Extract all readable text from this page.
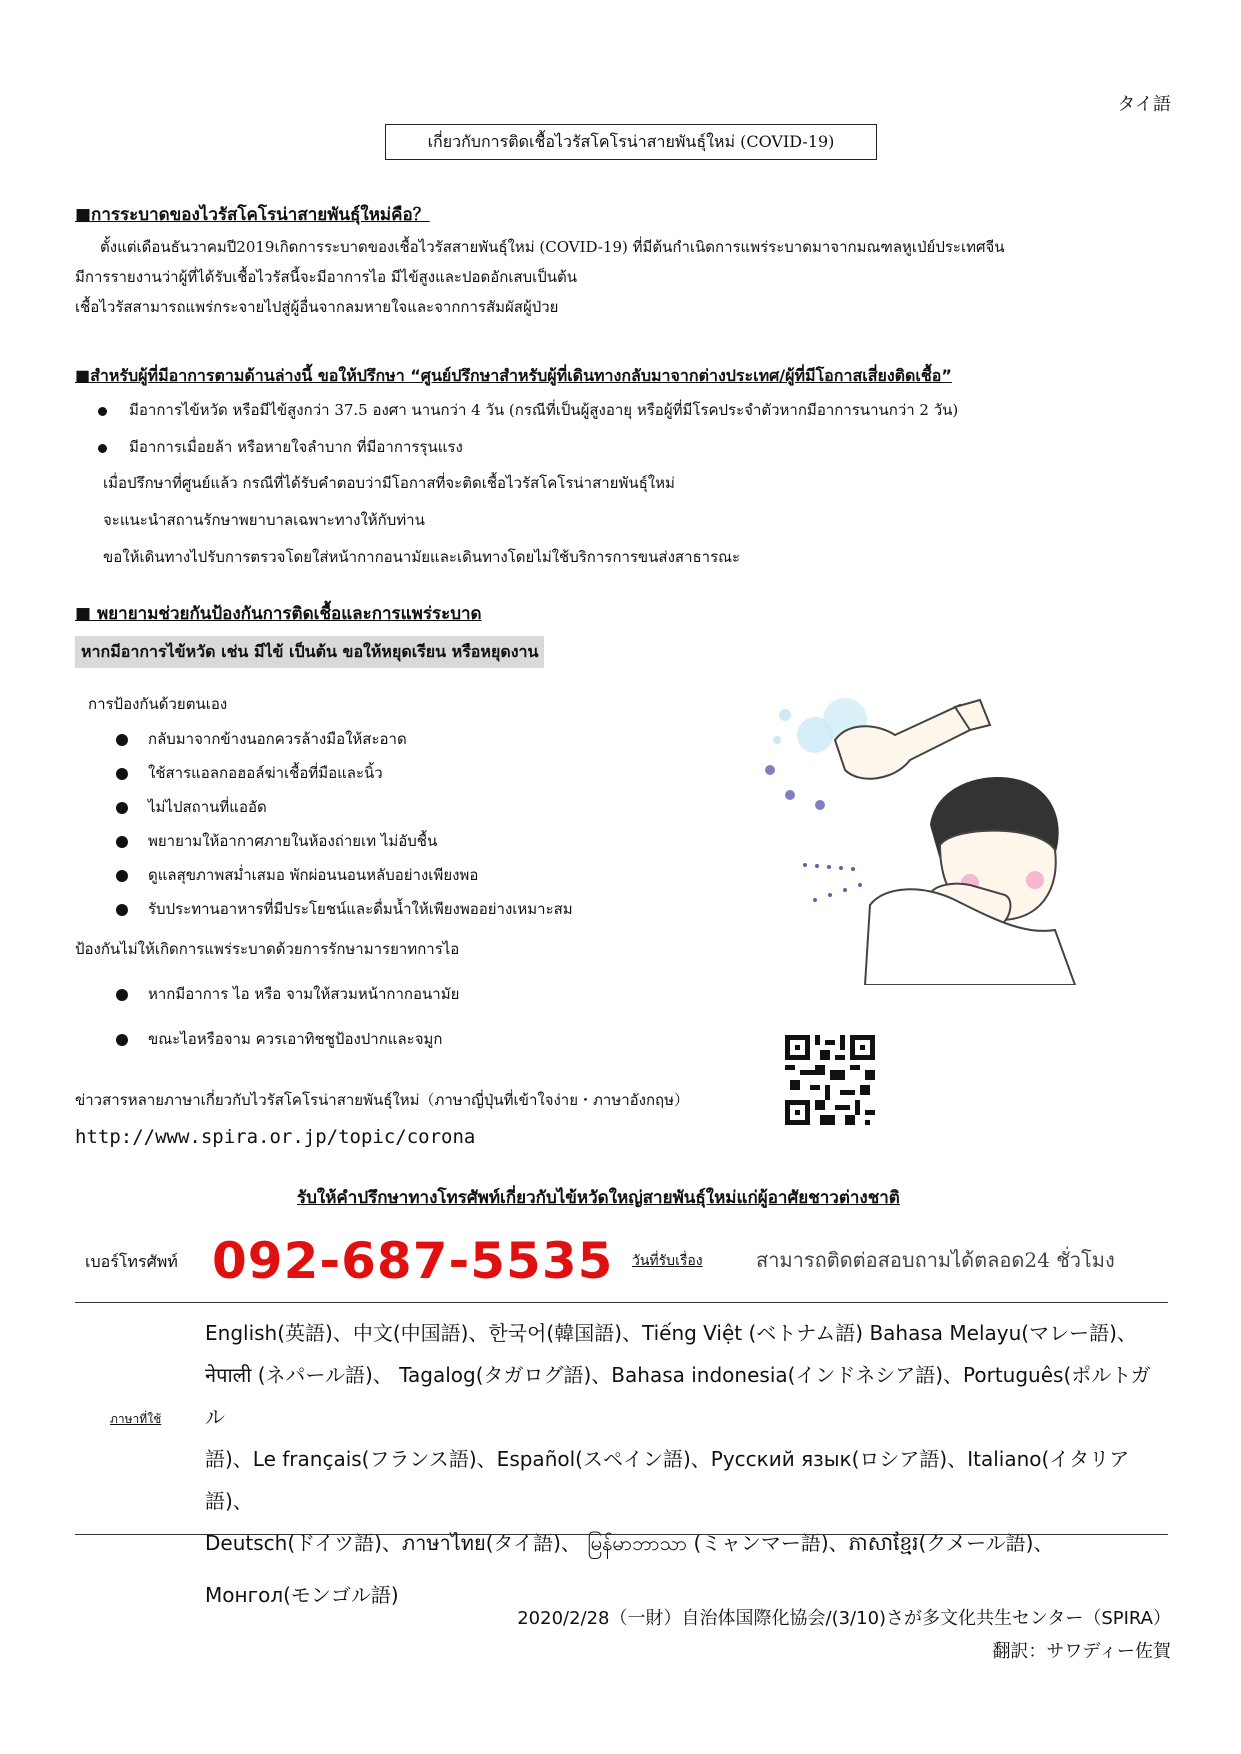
タイ語
เกี่ยวกับการติดเชื้อไวรัสโคโรน่าสายพันธุ์ใหม่ (COVID-19)
■การระบาดของไวรัสโคโรน่าสายพันธุ์ใหม่คือ？
ตั้งแต่เดือนธันวาคมปี2019เกิดการระบาดของเชื้อไวรัสสายพันธุ์ใหม่ (COVID-19) ที่มีต้นกำเนิดการแพร่ระบาดมาจากมณฑลหูเป่ย์ประเทศจีน
มีการรายงานว่าผู้ที่ได้รับเชื้อไวรัสนี้จะมีอาการไอ มีไข้สูงและปอดอักเสบเป็นต้น
เชื้อไวรัสสามารถแพร่กระจายไปสู่ผู้อื่นจากลมหายใจและจากการสัมผัสผู้ป่วย
■สำหรับผู้ที่มีอาการตามด้านล่างนี้ ขอให้ปรึกษา “ศูนย์ปรึกษาสำหรับผู้ที่เดินทางกลับมาจากต่างประเทศ/ผู้ที่มีโอกาสเสี่ยงติดเชื้อ”
มีอาการไข้หวัด หรือมีไข้สูงกว่า 37.5 องศา นานกว่า 4 วัน (กรณีที่เป็นผู้สูงอายุ หรือผู้ที่มีโรคประจำตัวหากมีอาการนานกว่า 2 วัน)
มีอาการเมื่อยล้า หรือหายใจลำบาก ที่มีอาการรุนแรง
เมื่อปรึกษาที่ศูนย์แล้ว กรณีที่ได้รับคำตอบว่ามีโอกาสที่จะติดเชื้อไวรัสโคโรน่าสายพันธุ์ใหม่
จะแนะนำสถานรักษาพยาบาลเฉพาะทางให้กับท่าน
ขอให้เดินทางไปรับการตรวจโดยใส่หน้ากากอนามัยและเดินทางโดยไม่ใช้บริการการขนส่งสาธารณะ
■ พยายามช่วยกันป้องกันการติดเชื้อและการแพร่ระบาด
หากมีอาการไข้หวัด เช่น มีไข้ เป็นต้น ขอให้หยุดเรียน หรือหยุดงาน
การป้องกันด้วยตนเอง
กลับมาจากข้างนอกควรล้างมือให้สะอาด
ใช้สารแอลกอฮอล์ฆ่าเชื้อที่มือและนิ้ว
ไม่ไปสถานที่แออัด
พยายามให้อากาศภายในห้องถ่ายเท ไม่อับชื้น
ดูแลสุขภาพสม่ำเสมอ พักผ่อนนอนหลับอย่างเพียงพอ
รับประทานอาหารที่มีประโยชน์และดื่มน้ำให้เพียงพออย่างเหมาะสม
ป้องกันไม่ให้เกิดการแพร่ระบาดด้วยการรักษามารยาทการไอ
หากมีอาการ ไอ หรือ จามให้สวมหน้ากากอนามัย
ขณะไอหรือจาม ควรเอาทิชชูป้องปากและจมูก
ข่าวสารหลายภาษาเกี่ยวกับไวรัสโคโรน่าสายพันธุ์ใหม่（ภาษาญี่ปุ่นที่เข้าใจง่าย・ภาษาอังกฤษ）
http://www.spira.or.jp/topic/corona
รับให้คำปรึกษาทางโทรศัพท์เกี่ยวกับไข้หวัดใหญ่สายพันธุ์ใหม่แก่ผู้อาศัยชาวต่างชาติ
เบอร์โทรศัพท์ 092-687-5535 วันที่รับเรื่อง	สามารถติดต่อสอบถามได้ตลอด24 ชั่วโมง
ภาษาที่ใช้
English(英語)、中文(中国語)、한국어(韓国語)、Tiếng Việt (ベトナム語) Bahasa Melayu(マレー語)、
नेपाली (ネパール語)、 Tagalog(タガログ語)、Bahasa indonesia(インドネシア語)、Português(ポルトガル
語)、Le français(フランス語)、Español(スペイン語)、Русский язык(ロシア語)、Italiano(イタリア語)、
Deutsch(ドイツ語)、ภาษาไทย(タイ語)、 မြန်မာဘာသာ (ミャンマー語)、ភាសាខ្មែរ(クメール語)、
Монгол(モンゴル語)
2020/2/28（一財）自治体国際化協会/(3/10)さが多文化共生センター（SPIRA）
翻訳：サワディー佐賀
